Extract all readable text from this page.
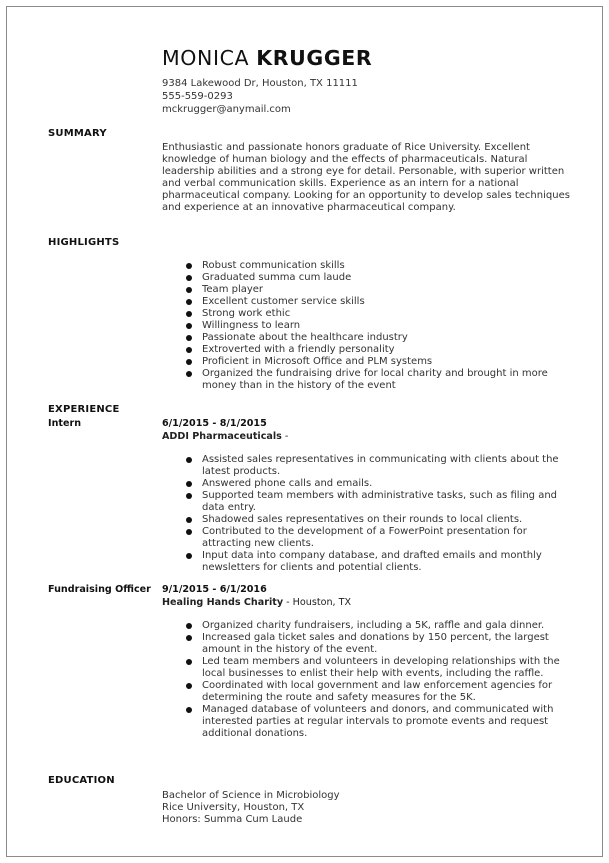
MONICA KRUGGER
9384 Lakewood Dr, Houston, TX 11111
555-559-0293
mckrugger@anymail.com
SUMMARY
Enthusiastic and passionate honors graduate of Rice University. Excellent knowledge of human biology and the effects of pharmaceuticals. Natural leadership abilities and a strong eye for detail. Personable, with superior written and verbal communication skills. Experience as an intern for a national pharmaceutical company. Looking for an opportunity to develop sales techniques and experience at an innovative pharmaceutical company.
HIGHLIGHTS
Robust communication skills
Graduated summa cum laude
Team player
Excellent customer service skills
Strong work ethic
Willingness to learn
Passionate about the healthcare industry
Extroverted with a friendly personality
Proficient in Microsoft Office and PLM systems
Organized the fundraising drive for local charity and brought in more money than in the history of the event
EXPERIENCE
Intern	6/1/2015 - 8/1/2015
ADDI Pharmaceuticals -
Assisted sales representatives in communicating with clients about the latest products.
Answered phone calls and emails.
Supported team members with administrative tasks, such as filing and data entry.
Shadowed sales representatives on their rounds to local clients.
Contributed to the development of a FowerPoint presentation for attracting new clients.
Input data into company database, and drafted emails and monthly newsletters for clients and potential clients.
Fundraising Officer 9/1/2015 - 6/1/2016
Healing Hands Charity - Houston, TX
Organized charity fundraisers, including a 5K, raffle and gala dinner.
Increased gala ticket sales and donations by 150 percent, the largest amount in the history of the event.
Led team members and volunteers in developing relationships with the local businesses to enlist their help with events, including the raffle.
Coordinated with local government and law enforcement agencies for determining the route and safety measures for the 5K.
Managed database of volunteers and donors, and communicated with interested parties at regular intervals to promote events and request additional donations.
EDUCATION
Bachelor of Science in Microbiology
Rice University, Houston, TX
Honors: Summa Cum Laude
